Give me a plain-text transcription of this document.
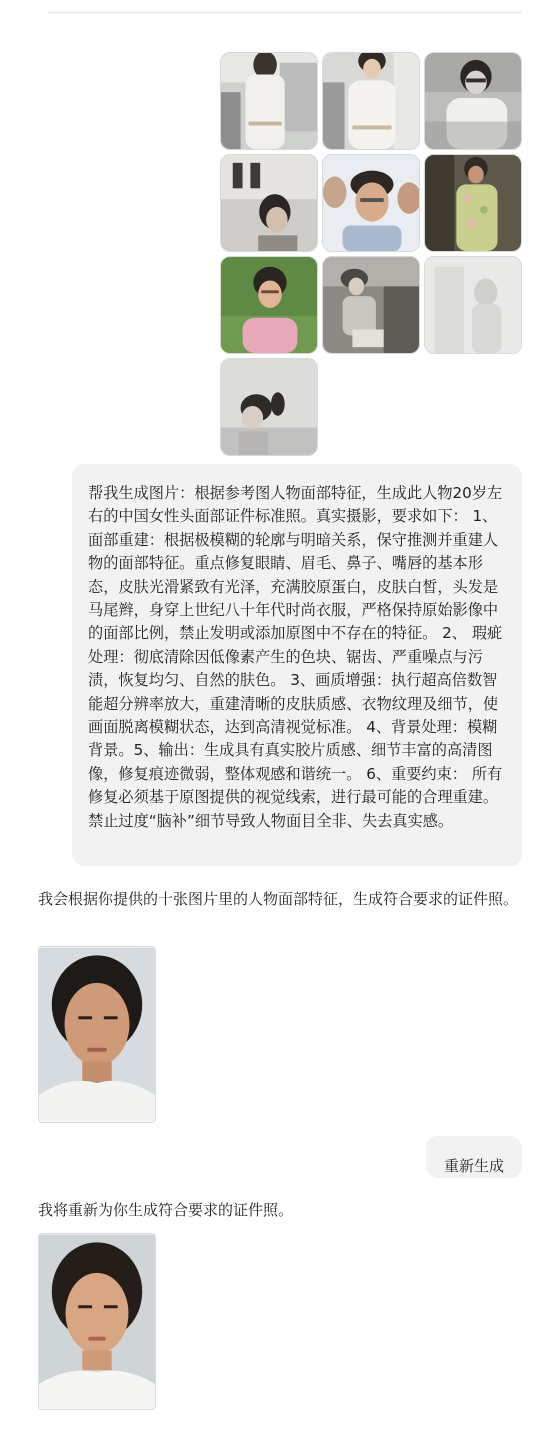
帮我生成图片：根据参考图人物面部特征，生成此人物20岁左右的中国女性头面部证件标准照。真实摄影，要求如下： 1、面部重建：根据极模糊的轮廓与明暗关系，保守推测并重建人物的面部特征。重点修复眼睛、眉毛、鼻子、嘴唇的基本形态，皮肤光滑紧致有光泽，充满胶原蛋白，皮肤白皙，头发是马尾辫，身穿上世纪八十年代时尚衣服，严格保持原始影像中的面部比例，禁止发明或添加原图中不存在的特征。 2、 瑕疵处理：彻底清除因低像素产生的色块、锯齿、严重噪点与污渍，恢复均匀、自然的肤色。 3、画质增强：执行超高倍数智能超分辨率放大，重建清晰的皮肤质感、衣物纹理及细节，使画面脱离模糊状态，达到高清视觉标准。 4、背景处理：模糊背景。5、输出：生成具有真实胶片质感、细节丰富的高清图像，修复痕迹微弱，整体观感和谐统一。 6、重要约束： 所有修复必须基于原图提供的视觉线索，进行最可能的合理重建。 禁止过度“脑补”细节导致人物面目全非、失去真实感。

我会根据你提供的十张图片里的人物面部特征，生成符合要求的证件照。

重新生成

我将重新为你生成符合要求的证件照。
